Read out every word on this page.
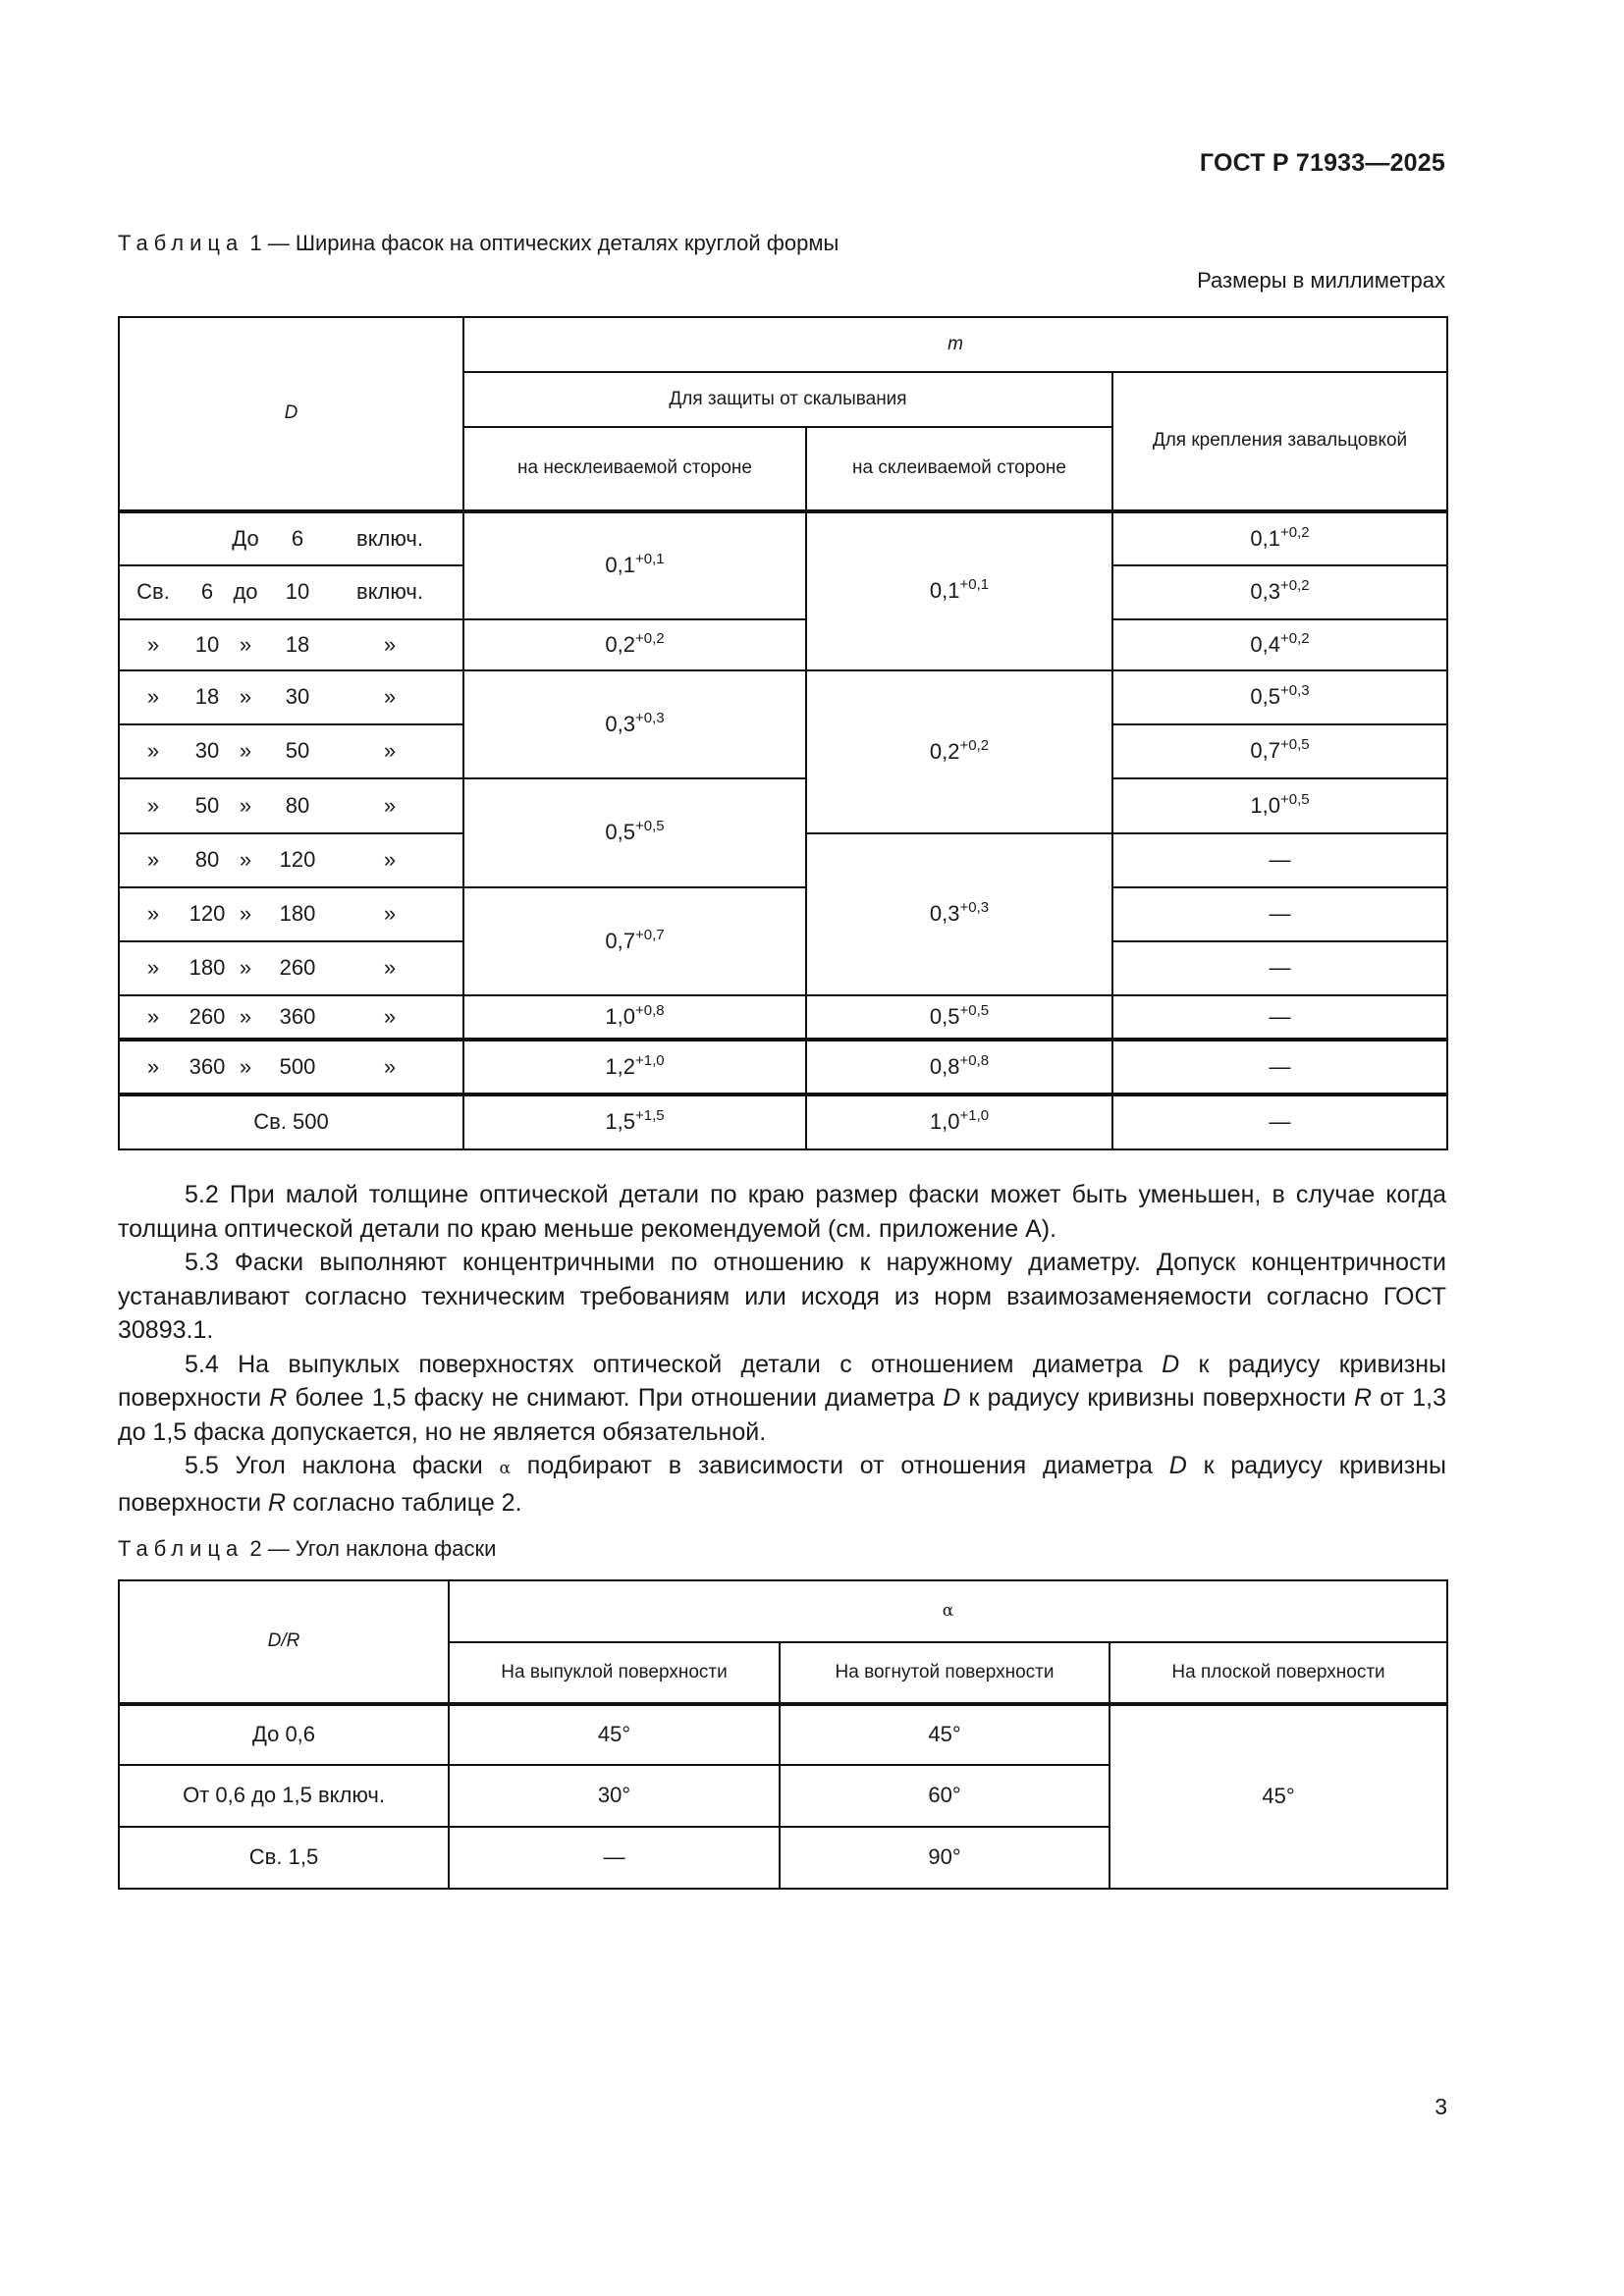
ГОСТ Р 71933—2025
Таблица 1 — Ширина фасок на оптических деталях круглой формы
Размеры в миллиметрах
D	m		
	Для защиты от скалывания		Для крепления завальцовкой
	на несклеиваемой стороне	на склеиваемой стороне	

До 6 включ.	$0,1^{+0,1}$	$0,1^{+0,1}$	$0,1^{+0,2}$

Св. 6 до 10 включ.			$0,3^{+0,2}$

» 10 » 18 »	$0,2^{+0,2}$		$0,4^{+0,2}$

» 18 » 30 »	$0,3^{+0,3}$	$0,2^{+0,2}$	$0,5^{+0,3}$

» 30 » 50 »			$0,7^{+0,5}$

» 50 » 80 »	$0,5^{+0,5}$		$1,0^{+0,5}$

» 80 » 120 »		$0,3^{+0,3}$	—

» 120 » 180 »	$0,7^{+0,7}$		—

» 180 » 260 »			—

» 260 » 360 »	$1,0^{+0,8}$	$0,5^{+0,5}$	—

» 360 » 500 »	$1,2^{+1,0}$	$0,8^{+0,8}$	—
Св. 500	$1,5^{+1,5}$	$1,0^{+1,0}$	—

5.2 При малой толщине оптической детали по краю размер фаски может быть уменьшен, в случае когда толщина оптической детали по краю меньше рекомендуемой (см. приложение А).

5.3 Фаски выполняют концентричными по отношению к наружному диаметру. Допуск концентричности устанавливают согласно техническим требованиям или исходя из норм взаимозаменяемости согласно ГОСТ 30893.1.

5.4 На выпуклых поверхностях оптической детали с отношением диаметра D к радиусу кривизны поверхности R более 1,5 фаску не снимают. При отношении диаметра D к радиусу кривизны поверхности R от 1,3 до 1,5 фаска допускается, но не является обязательной.

5.5 Угол наклона фаски α подбирают в зависимости от отношения диаметра D к радиусу кривизны поверхности R согласно таблице 2.

Таблица 2 — Угол наклона фаски
D/R	α		
	На выпуклой поверхности	На вогнутой поверхности	На плоской поверхности
До 0,6	45°	45°	45°
От 0,6 до 1,5 включ.	30°	60°	
Св. 1,5	—	90°	
3
